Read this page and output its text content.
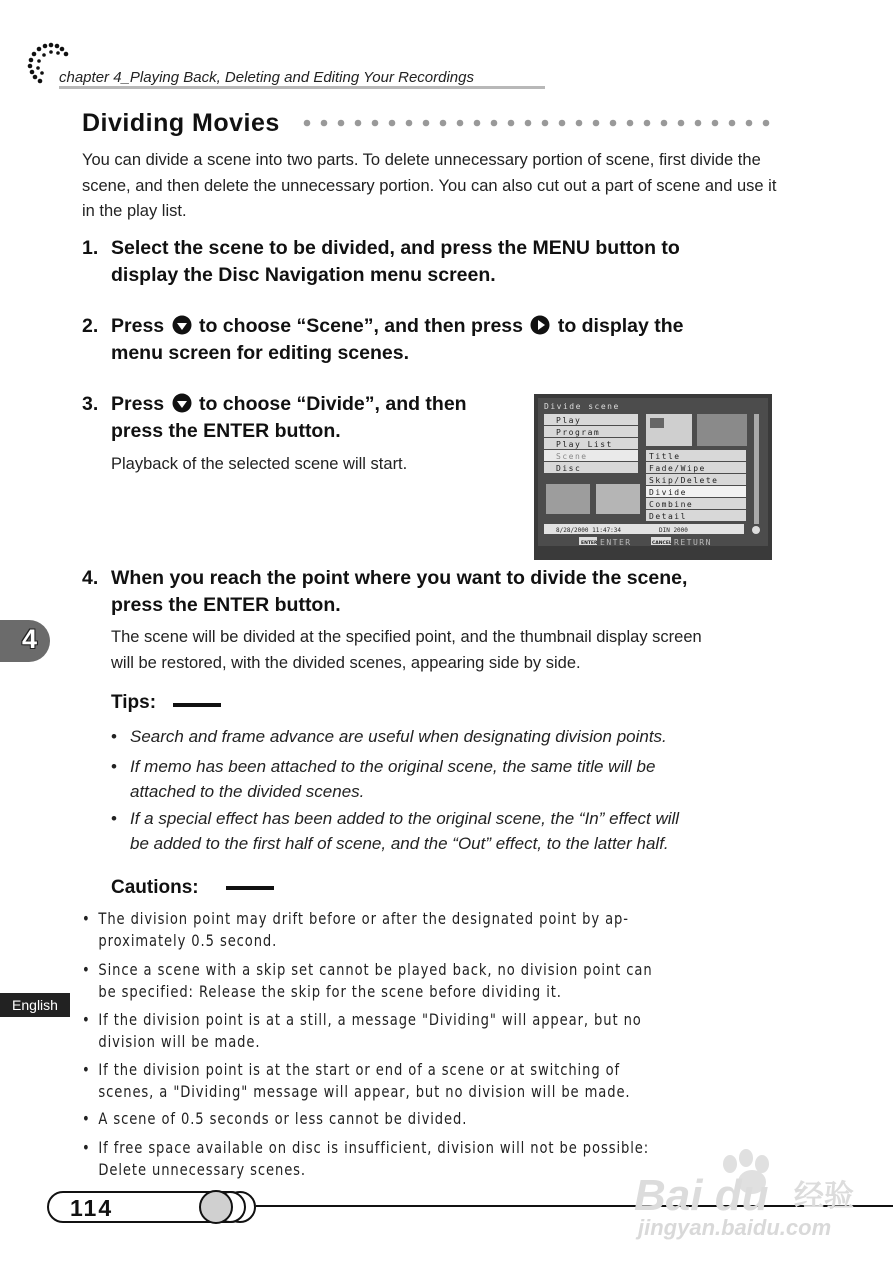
chapter 4_Playing Back, Deleting and Editing Your Recordings
Dividing Movies
You can divide a scene into two parts. To delete unnecessary portion of scene, first divide the scene, and then delete the unnecessary portion. You can also cut out a part of scene and use it in the play list.
1. Select the scene to be divided, and press the MENU button to
display the Disc Navigation menu screen.
2. Press to choose “Scene”, and then press to display the
menu screen for editing scenes.
3. Press to choose “Divide”, and then
press the ENTER button.
Playback of the selected scene will start.
Divide scene
Play
Program
Play List
Scene
Disc
Title
Fade/Wipe
Skip/Delete
Divide
Combine
Detail
8/28/2000 11:47:34	DIN 2000
ENTER ENTER	CANCEL RETURN
4. When you reach the point where you want to divide the scene,
press the ENTER button.
The scene will be divided at the specified point, and the thumbnail display screen
will be restored, with the divided scenes, appearing side by side.
Tips:
• Search and frame advance are useful when designating division points.
• If memo has been attached to the original scene, the same title will be
attached to the divided scenes.
• If a special effect has been added to the original scene, the “In” effect will
be added to the first half of scene, and the “Out” effect, to the latter half.
Cautions:
• The division point may drift before or after the designated point by ap-
proximately 0.5 second.
• Since a scene with a skip set cannot be played back, no division point can
be specified: Release the skip for the scene before dividing it.
• If the division point is at a still, a message "Dividing" will appear, but no
division will be made.
• If the division point is at the start or end of a scene or at switching of
scenes, a "Dividing" message will appear, but no division will be made.
• A scene of 0.5 seconds or less cannot be divided.
• If free space available on disc is insufficient, division will not be possible:
Delete unnecessary scenes.
4
English
114	Bai du 经验
jingyan.baidu.com
